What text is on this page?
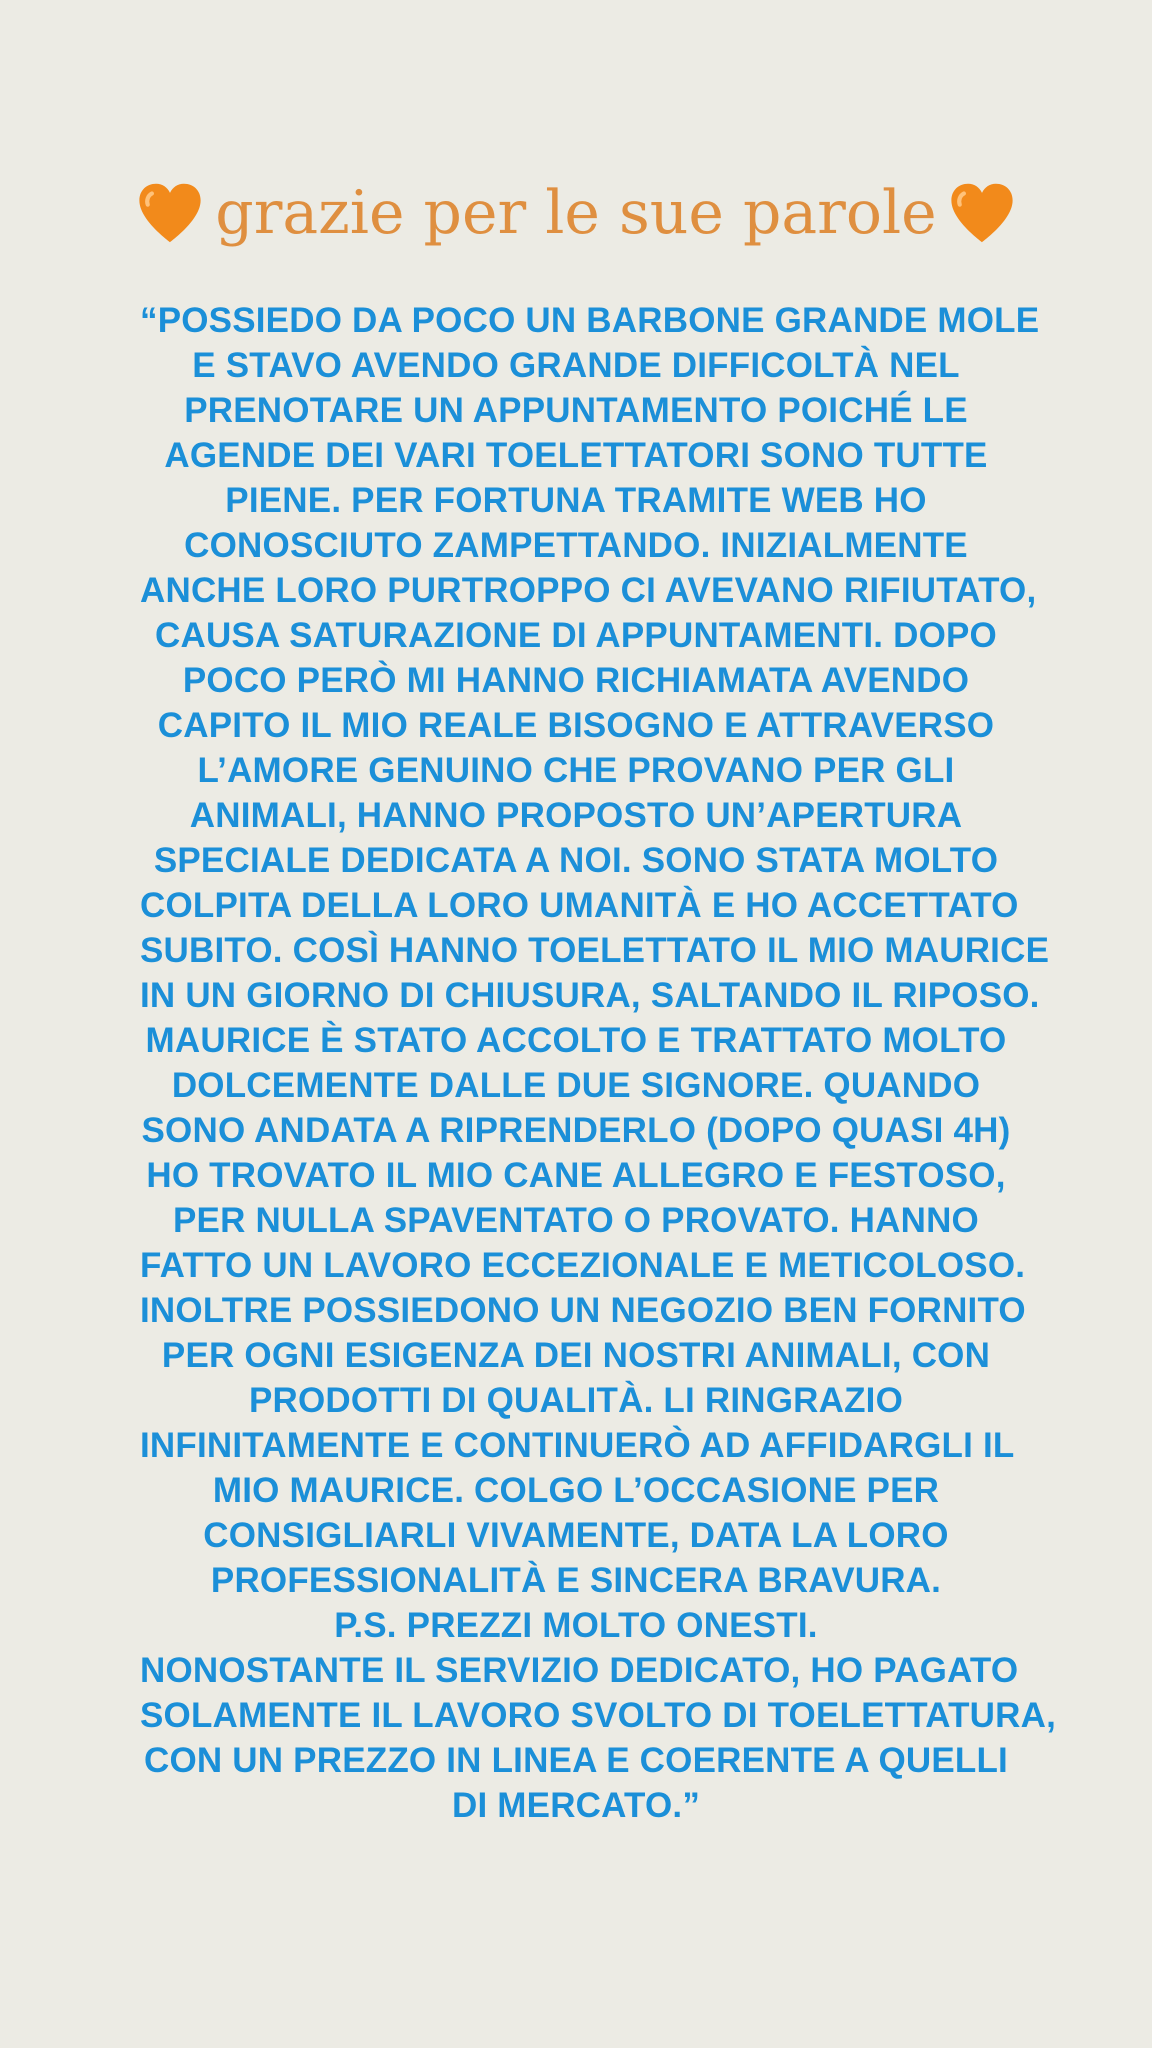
grazie per le sue parole
“POSSIEDO DA POCO UN BARBONE GRANDE MOLE
E STAVO AVENDO GRANDE DIFFICOLTÀ NEL
PRENOTARE UN APPUNTAMENTO POICHÉ LE
AGENDE DEI VARI TOELETTATORI SONO TUTTE
PIENE. PER FORTUNA TRAMITE WEB HO
CONOSCIUTO ZAMPETTANDO. INIZIALMENTE
ANCHE LORO PURTROPPO CI AVEVANO RIFIUTATO,
CAUSA SATURAZIONE DI APPUNTAMENTI. DOPO
POCO PERÒ MI HANNO RICHIAMATA AVENDO
CAPITO IL MIO REALE BISOGNO E ATTRAVERSO
L’AMORE GENUINO CHE PROVANO PER GLI
ANIMALI, HANNO PROPOSTO UN’APERTURA
SPECIALE DEDICATA A NOI. SONO STATA MOLTO
COLPITA DELLA LORO UMANITÀ E HO ACCETTATO
SUBITO. COSÌ HANNO TOELETTATO IL MIO MAURICE
IN UN GIORNO DI CHIUSURA, SALTANDO IL RIPOSO.
MAURICE È STATO ACCOLTO E TRATTATO MOLTO
DOLCEMENTE DALLE DUE SIGNORE. QUANDO
SONO ANDATA A RIPRENDERLO (DOPO QUASI 4H)
HO TROVATO IL MIO CANE ALLEGRO E FESTOSO,
PER NULLA SPAVENTATO O PROVATO. HANNO
FATTO UN LAVORO ECCEZIONALE E METICOLOSO.
INOLTRE POSSIEDONO UN NEGOZIO BEN FORNITO
PER OGNI ESIGENZA DEI NOSTRI ANIMALI, CON
PRODOTTI DI QUALITÀ. LI RINGRAZIO
INFINITAMENTE E CONTINUERÒ AD AFFIDARGLI IL
MIO MAURICE. COLGO L’OCCASIONE PER
CONSIGLIARLI VIVAMENTE, DATA LA LORO
PROFESSIONALITÀ E SINCERA BRAVURA.
P.S. PREZZI MOLTO ONESTI.
NONOSTANTE IL SERVIZIO DEDICATO, HO PAGATO
SOLAMENTE IL LAVORO SVOLTO DI TOELETTATURA,
CON UN PREZZO IN LINEA E COERENTE A QUELLI
DI MERCATO.”
